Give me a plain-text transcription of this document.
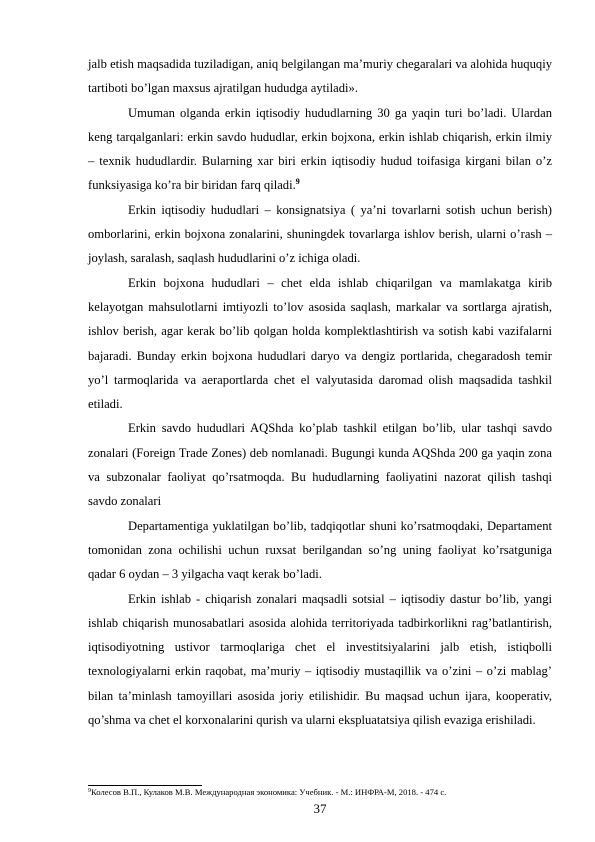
jalb etish maqsadida tuziladigan, aniq belgilangan ma’muriy chegaralari va alohida huquqiy tartiboti bo’lgan maxsus ajratilgan hududga aytiladi».

Umuman olganda erkin iqtisodiy hududlarning 30 ga yaqin turi bo’ladi. Ulardan keng tarqalganlari: erkin savdo hududlar, erkin bojxona, erkin ishlab chiqarish, erkin ilmiy – texnik hududlardir. Bularning xar biri erkin iqtisodiy hudud toifasiga kirgani bilan o’z funksiyasiga ko’ra bir biridan farq qiladi.$^9$

Erkin iqtisodiy hududlari – konsignatsiya ( ya’ni tovarlarni sotish uchun berish) omborlarini, erkin bojxona zonalarini, shuningdek tovarlarga ishlov berish, ularni o’rash – joylash, saralash, saqlash hududlarini o’z ichiga oladi.

Erkin bojxona hududlari – chet elda ishlab chiqarilgan va mamlakatga kirib kelayotgan mahsulotlarni imtiyozli to’lov asosida saqlash, markalar va sortlarga ajratish, ishlov berish, agar kerak bo’lib qolgan holda komplektlashtirish va sotish kabi vazifalarni bajaradi. Bunday erkin bojxona hududlari daryo va dengiz portlarida, chegaradosh temir yo’l tarmoqlarida va aeraportlarda chet el valyutasida daromad olish maqsadida tashkil etiladi.

Erkin savdo hududlari AQShda ko’plab tashkil etilgan bo’lib, ular tashqi savdo zonalari (Foreign Trade Zones) deb nomlanadi. Bugungi kunda AQShda 200 ga yaqin zona va subzonalar faoliyat qo’rsatmoqda. Bu hududlarning faoliyatini nazorat qilish tashqi savdo zonalari

Departamentiga yuklatilgan bo’lib, tadqiqotlar shuni ko’rsatmoqdaki, Departament tomonidan zona ochilishi uchun ruxsat berilgandan so’ng uning faoliyat ko’rsatguniga qadar 6 oydan – 3 yilgacha vaqt kerak bo’ladi.

Erkin ishlab - chiqarish zonalari maqsadli sotsial – iqtisodiy dastur bo’lib, yangi ishlab chiqarish munosabatlari asosida alohida territoriyada tadbirkorlikni rag’batlantirish, iqtisodiyotning ustivor tarmoqlariga chet el investitsiyalarini jalb etish, istiqbolli texnologiyalarni erkin raqobat, ma’muriy – iqtisodiy mustaqillik va o’zini – o’zi mablag’ bilan ta’minlash tamoyillari asosida joriy etilishidir. Bu maqsad uchun ijara, kooperativ, qo’shma va chet el korxonalarini qurish va ularni ekspluatatsiya qilish evaziga erishiladi.

$^9$Колесов В.П., Кулаков М.В. Международная экономика: Учебник. - М.: ИНФРА-М, 2018. - 474 с.
37
